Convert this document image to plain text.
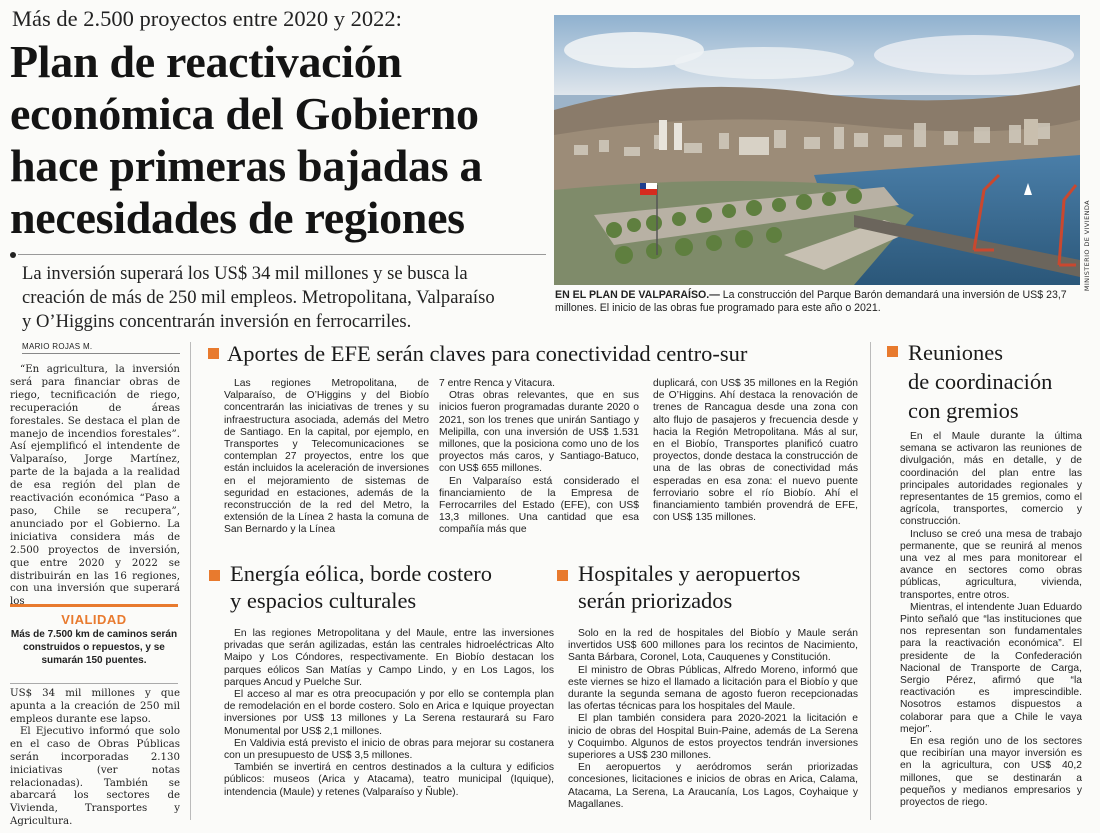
Más de 2.500 proyectos entre 2020 y 2022:
Plan de reactivación
económica del Gobierno
hace primeras bajadas a
necesidades de regiones
La inversión superará los US$ 34 mil millones y se busca la
creación de más de 250 mil empleos. Metropolitana, Valparaíso
y O’Higgins concentrarán inversión en ferrocarriles.
MINISTERIO DE VIVIENDA
EN EL PLAN DE VALPARAÍSO.— La construcción del Parque Barón demandará una inversión de US$ 23,7 millones. El inicio de las obras fue programado para este año o 2021.
MARIO ROJAS M.
“En agricultura, la inversión será para financiar obras de riego, tecnificación de riego, recuperación de áreas forestales. Se destaca el plan de manejo de incendios forestales”. Así ejemplificó el intendente de Valparaíso, Jorge Martínez, parte de la bajada a la realidad de esa región del plan de reactivación económica “Paso a paso, Chile se recupera”, anunciado por el Gobierno. La iniciativa considera más de 2.500 proyectos de inversión, que entre 2020 y 2022 se distribuirán en las 16 regiones, con una inversión que superará los
VIALIDAD
Más de 7.500 km de caminos serán construidos o repuestos, y se sumarán 150 puentes.

US$ 34 mil millones y que apunta a la creación de 250 mil empleos durante ese lapso.

El Ejecutivo informó que solo en el caso de Obras Públicas serán incorporadas 2.130 iniciativas (ver notas relacionadas). También se abarcará los sectores de Vivienda, Transportes y Agricultura.

Aportes de EFE serán claves para conectividad centro-sur

Las regiones Metropolitana, de Valparaíso, de O’Higgins y del Biobío concentrarán las iniciativas de trenes y su infraestructura asociada, además del Metro de Santiago. En la capital, por ejemplo, en Transportes y Telecomunicaciones se contemplan 27 proyectos, entre los que están incluidos la aceleración de inversiones en el mejoramiento de sistemas de seguridad en estaciones, además de la reconstrucción de la red del Metro, la extensión de la Línea 2 hasta la comuna de San Bernardo y la Línea

7 entre Renca y Vitacura.

Otras obras relevantes, que en sus inicios fueron programadas durante 2020 o 2021, son los trenes que unirán Santiago y Melipilla, con una inversión de US$ 1.531 millones, que la posiciona como uno de los proyectos más caros, y Santiago-Batuco, con US$ 655 millones.

En Valparaíso está considerado el financiamiento de la Empresa de Ferrocarriles del Estado (EFE), con US$ 13,3 millones. Una cantidad que esa compañía más que

duplicará, con US$ 35 millones en la Región de O’Higgins. Ahí destaca la renovación de trenes de Rancagua desde una zona con alto flujo de pasajeros y frecuencia desde y hacia la Región Metropolitana. Más al sur, en el Biobío, Transportes planificó cuatro proyectos, donde destaca la construcción de una de las obras de conectividad más esperadas en esa zona: el nuevo puente ferroviario sobre el río Biobío. Ahí el financiamiento también provendrá de EFE, con US$ 135 millones.

Energía eólica, borde costero
y espacios culturales

En las regiones Metropolitana y del Maule, entre las inversiones privadas que serán agilizadas, están las centrales hidroeléctricas Alto Maipo y Los Cóndores, respectivamente. En Biobío destacan los parques eólicos San Matías y Campo Lindo, y en Los Lagos, los parques Ancud y Puelche Sur.

El acceso al mar es otra preocupación y por ello se contempla plan de remodelación en el borde costero. Solo en Arica e Iquique proyectan inversiones por US$ 13 millones y La Serena restaurará su Faro Monumental por US$ 2,1 millones.

En Valdivia está previsto el inicio de obras para mejorar su costanera con un presupuesto de US$ 3,5 millones.

También se invertirá en centros destinados a la cultura y edificios públicos: museos (Arica y Atacama), teatro municipal (Iquique), intendencia (Maule) y retenes (Valparaíso y Ñuble).

Hospitales y aeropuertos
serán priorizados

Solo en la red de hospitales del Biobío y Maule serán invertidos US$ 600 millones para los recintos de Nacimiento, Santa Bárbara, Coronel, Lota, Cauquenes y Constitución.

El ministro de Obras Públicas, Alfredo Moreno, informó que este viernes se hizo el llamado a licitación para el Biobío y que durante la segunda semana de agosto fueron recepcionadas las ofertas técnicas para los hospitales del Maule.

El plan también considera para 2020-2021 la licitación e inicio de obras del Hospital Buin-Paine, además de La Serena y Coquimbo. Algunos de estos proyectos tendrán inversiones superiores a US$ 230 millones.

En aeropuertos y aeródromos serán priorizadas concesiones, licitaciones e inicios de obras en Arica, Calama, Atacama, La Serena, La Araucanía, Los Lagos, Coyhaique y Magallanes.

Reuniones
de coordinación
con gremios

En el Maule durante la última semana se activaron las reuniones de divulgación, más en detalle, y de coordinación del plan entre las principales autoridades regionales y representantes de 15 gremios, como el agrícola, transportes, comercio y construcción.

Incluso se creó una mesa de trabajo permanente, que se reunirá al menos una vez al mes para monitorear el avance en sectores como obras públicas, agricultura, vivienda, transportes, entre otros.

Mientras, el intendente Juan Eduardo Pinto señaló que “las instituciones que nos representan son fundamentales para la reactivación económica”. El presidente de la Confederación Nacional de Transporte de Carga, Sergio Pérez, afirmó que “la reactivación es imprescindible. Nosotros estamos dispuestos a colaborar para que a Chile le vaya mejor”.

En esa región uno de los sectores que recibirían una mayor inversión es en la agricultura, con US$ 40,2 millones, que se destinarán a pequeños y medianos empresarios y proyectos de riego.
